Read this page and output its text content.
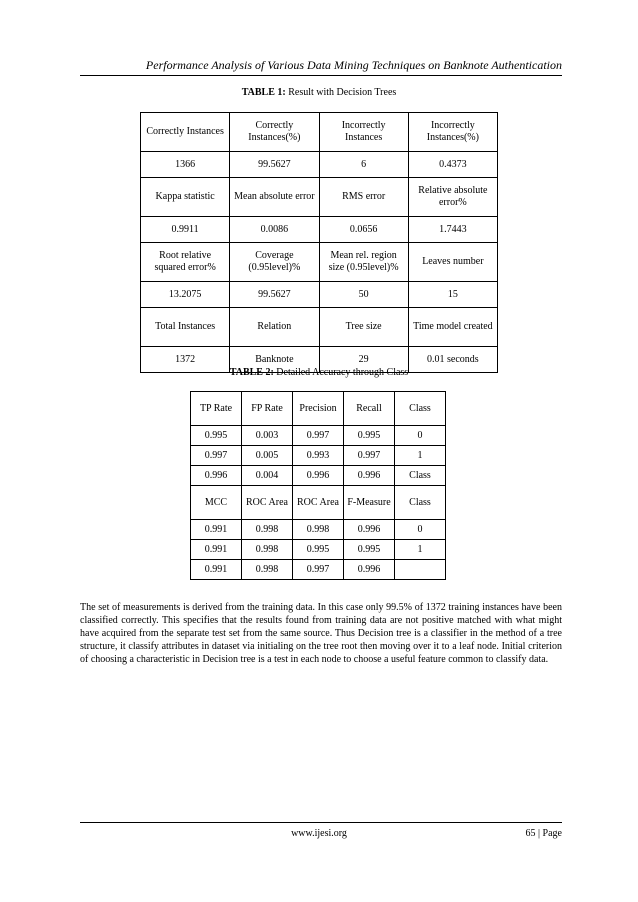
Performance Analysis of Various Data Mining Techniques on Banknote Authentication
TABLE 1: Result with Decision Trees
Correctly Instances	Correctly Instances(%)	Incorrectly Instances	Incorrectly Instances(%)
1366	99.5627	6	0.4373
Kappa statistic	Mean absolute error	RMS error	Relative absolute error%
0.9911	0.0086	0.0656	1.7443
Root relative squared error%	Coverage (0.95level)%	Mean rel. region size (0.95level)%	Leaves number
13.2075	99.5627	50	15
Total Instances	Relation	Tree size	Time model created
1372	Banknote	29	0.01 seconds
TABLE 2: Detailed Accuracy through Class
TP Rate	FP Rate	Precision	Recall	Class
0.995	0.003	0.997	0.995	0
0.997	0.005	0.993	0.997	1
0.996	0.004	0.996	0.996	Class
MCC	ROC Area	ROC Area	F-Measure	Class
0.991	0.998	0.998	0.996	0
0.991	0.998	0.995	0.995	1
0.991	0.998	0.997	0.996	

The set of measurements is derived from the training data. In this case only 99.5% of 1372 training instances have been classified correctly. This specifies that the results found from training data are not positive matched with what might have acquired from the separate test set from the same source. Thus Decision tree is a classifier in the method of a tree structure, it classify attributes in dataset via initialing on the tree root then moving over it to a leaf node. Initial criterion of choosing a characteristic in Decision tree is a test in each node to choose a useful feature common to classify data.

www.ijesi.org	65 | Page
